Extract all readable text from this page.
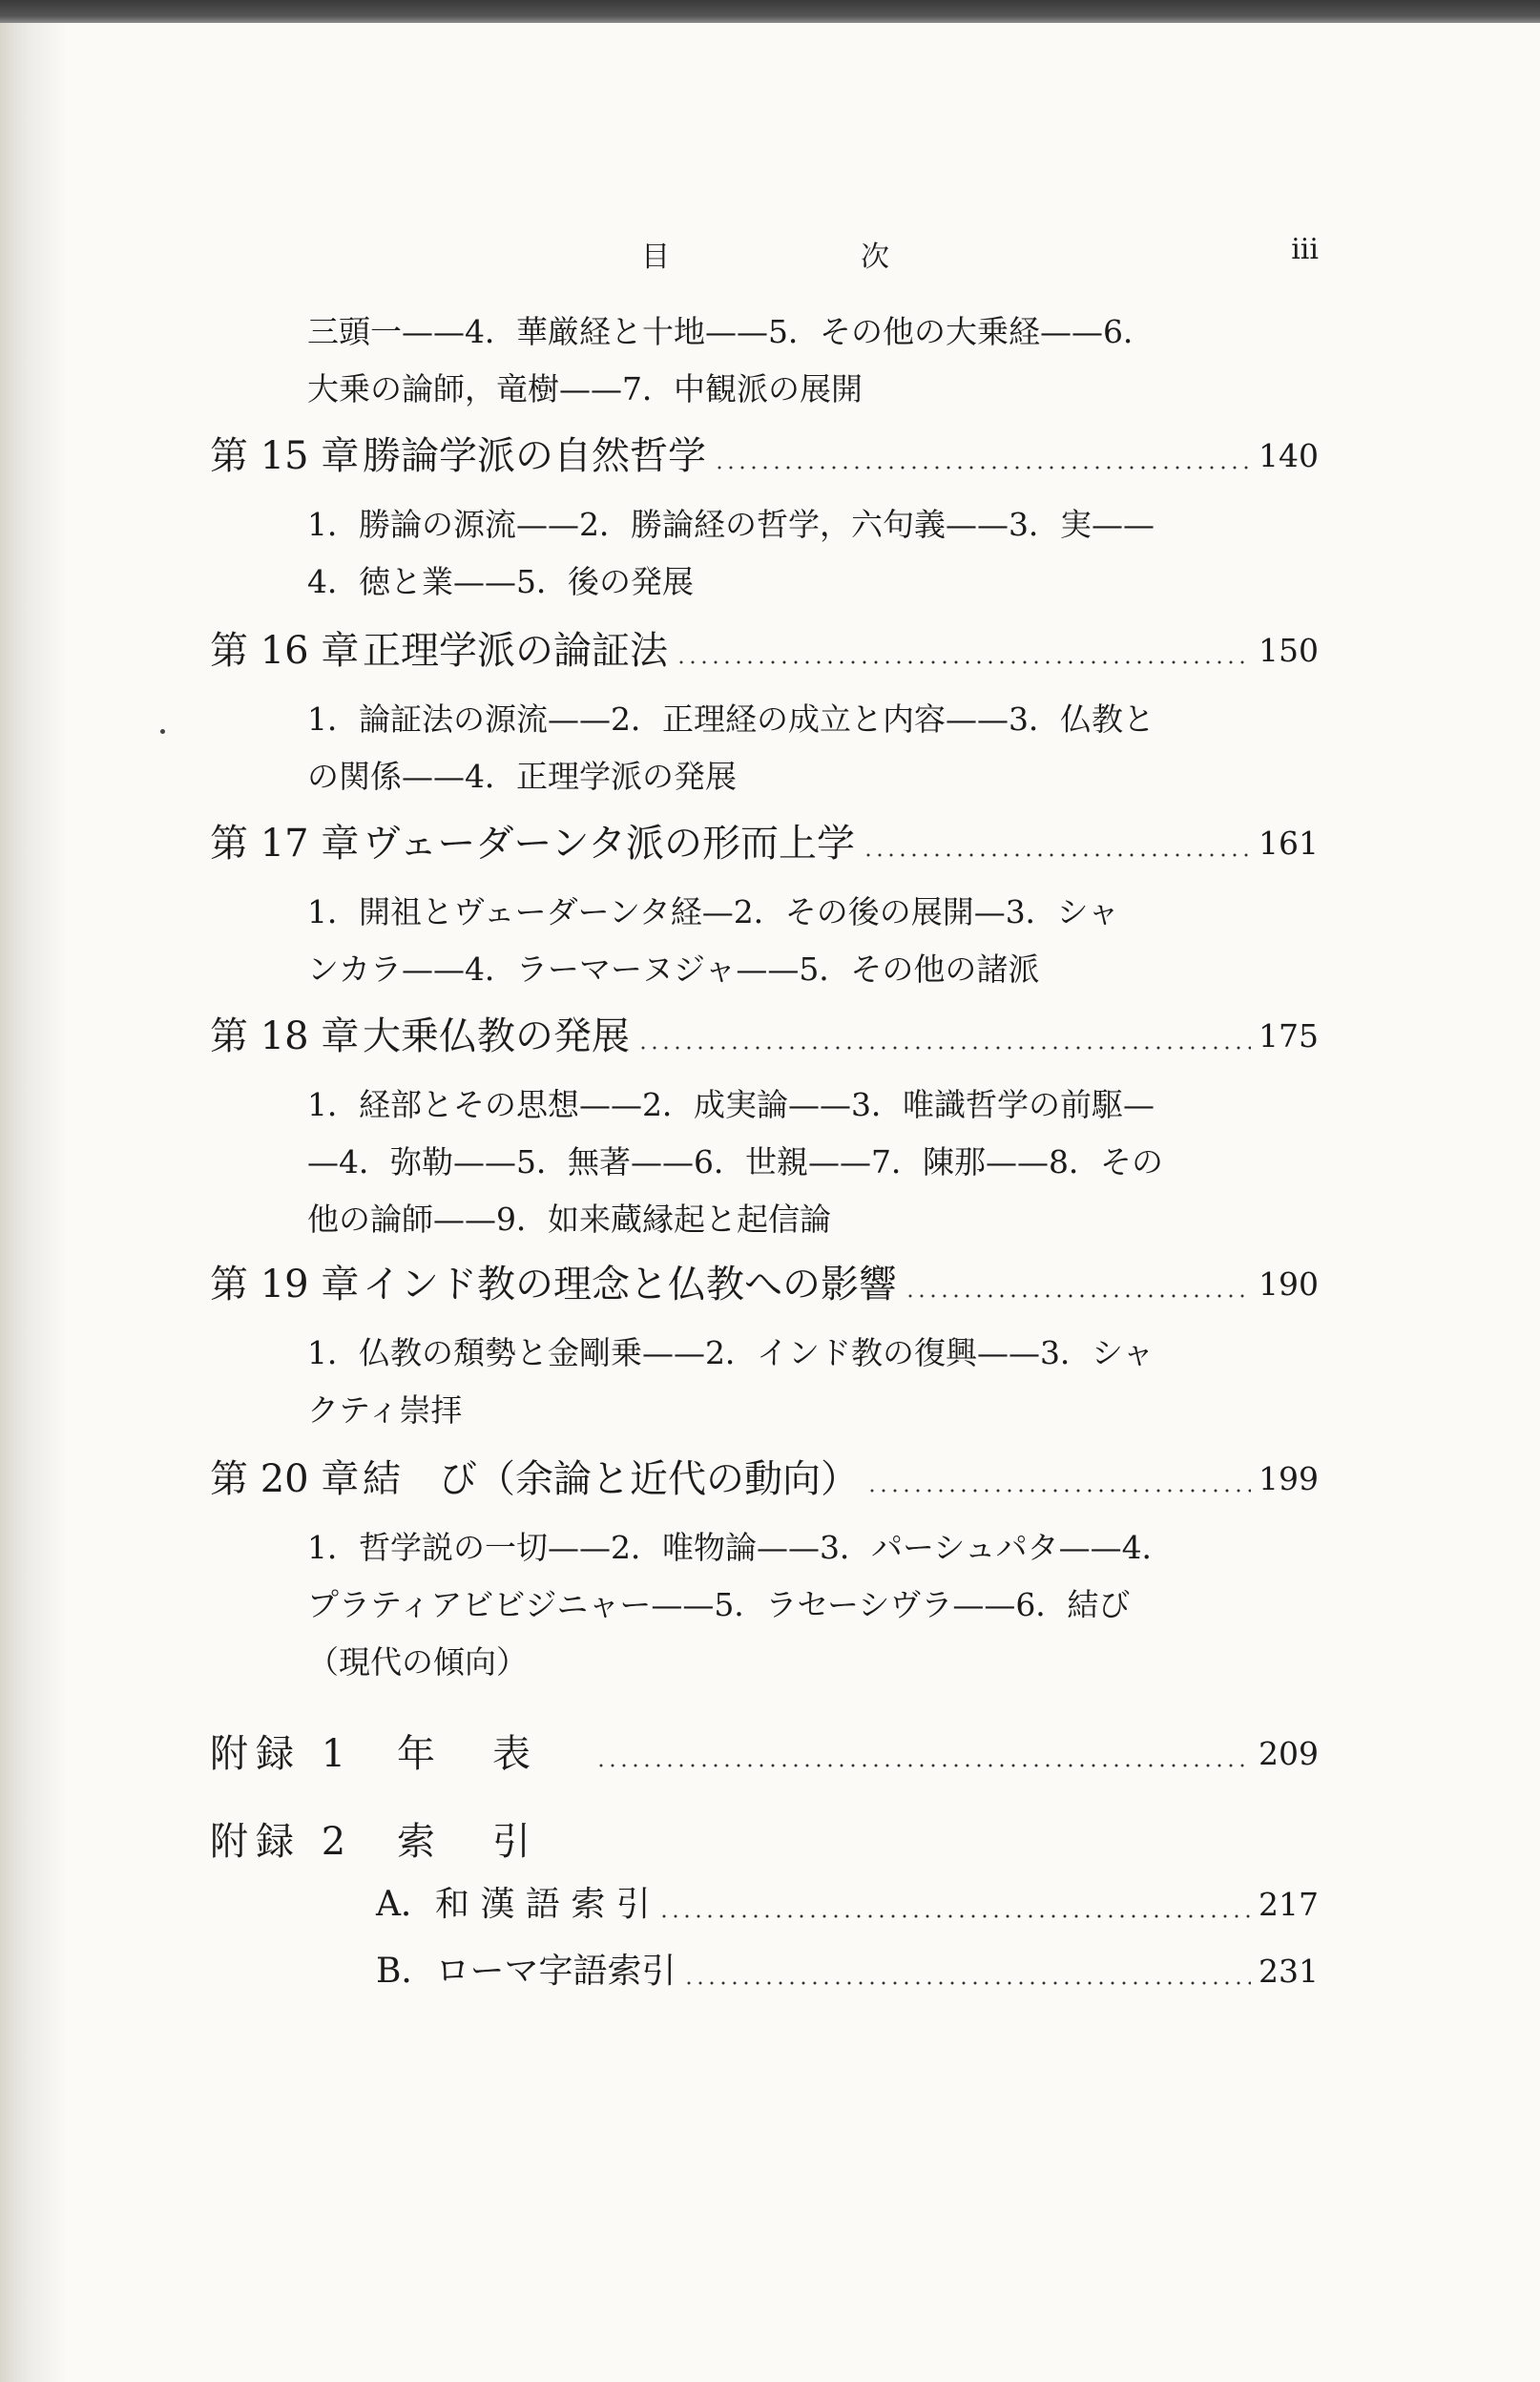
目	次	iii
三頭一——4．華厳経と十地——5．その他の大乗経——6．
大乗の論師，竜樹——7．中観派の展開
第 15 章 勝論学派の自然哲学	140
1．勝論の源流——2．勝論経の哲学，六句義——3．実——
4．徳と業——5．後の発展
第 16 章 正理学派の論証法	150
1．論証法の源流——2．正理経の成立と内容——3．仏教と
の関係——4．正理学派の発展
第 17 章 ヴェーダーンタ派の形而上学	161
1．開祖とヴェーダーンタ経—2．その後の展開—3．シャ
ンカラ——4．ラーマーヌジャ——5．その他の諸派
第 18 章 大乗仏教の発展	175
1．経部とその思想——2．成実論——3．唯識哲学の前駆—
—4．弥勒——5．無著——6．世親——7．陳那——8．その
他の論師——9．如来蔵縁起と起信論
第 19 章 インド教の理念と仏教への影響	190
1．仏教の頽勢と金剛乗——2．インド教の復興——3．シャ
クティ崇拝
第 20 章 結　び（余論と近代の動向）	199
1．哲学説の一切——2．唯物論——3．パーシュパタ——4．
プラティアビビジニャー——5．ラセーシヴラ——6．結び
（現代の傾向）
附録 1	年表	209
附録 2	索引
A．和 漢 語 索 引	217
B．ローマ字語索引	231
